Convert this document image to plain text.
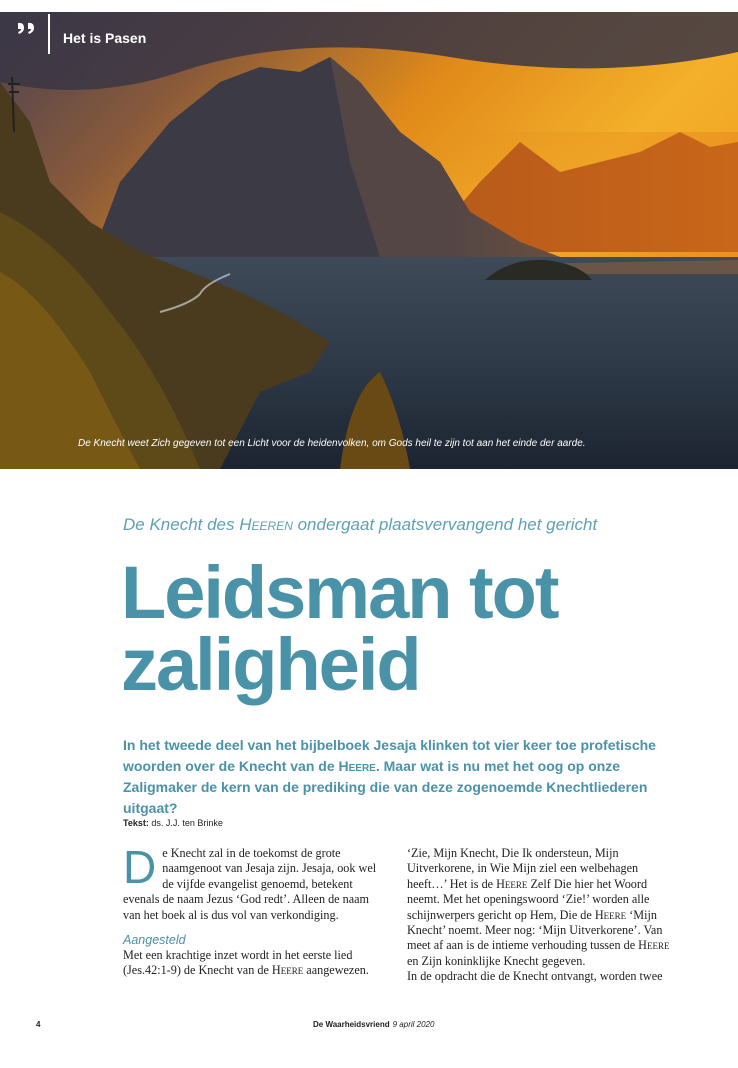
De Knecht weet Zich gegeven tot een Licht voor de heidenvolken, om Gods heil te zijn tot aan het einde der aarde.
Het is Pasen
De Knecht des Heeren ondergaat plaatsvervangend het gericht
Leidsman tot
zaligheid
In het tweede deel van het bijbelboek Jesaja klinken tot vier keer toe profetische woorden over de Knecht van de Heere. Maar wat is nu met het oog op onze Zaligmaker de kern van de prediking die van deze zogenoemde Knechtliederen uitgaat?
Tekst: ds. J.J. ten Brinke

De Knecht zal in de toekomst de grote naamgenoot van Jesaja zijn. Jesaja, ook wel de vijfde evangelist genoemd, betekent evenals de naam Jezus ‘God redt’. Alleen de naam van het boek al is dus vol van verkondiging.

Aangesteld

Met een krachtige inzet wordt in het eerste lied (Jes.42:1-9) de Knecht van de Heere aangewezen.

‘Zie, Mijn Knecht, Die Ik ondersteun, Mijn Uitverkorene, in Wie Mijn ziel een welbehagen heeft…’ Het is de Heere Zelf Die hier het Woord neemt. Met het openingswoord ‘Zie!’ worden alle schijnwerpers gericht op Hem, Die de Heere ‘Mijn Knecht’ noemt. Meer nog: ‘Mijn Uitverkorene’. Van meet af aan is de intieme verhouding tussen de Heere en Zijn koninklijke Knecht gegeven.

In de opdracht die de Knecht ontvangt, worden twee

4	De Waarheidsvriend 9 april 2020
